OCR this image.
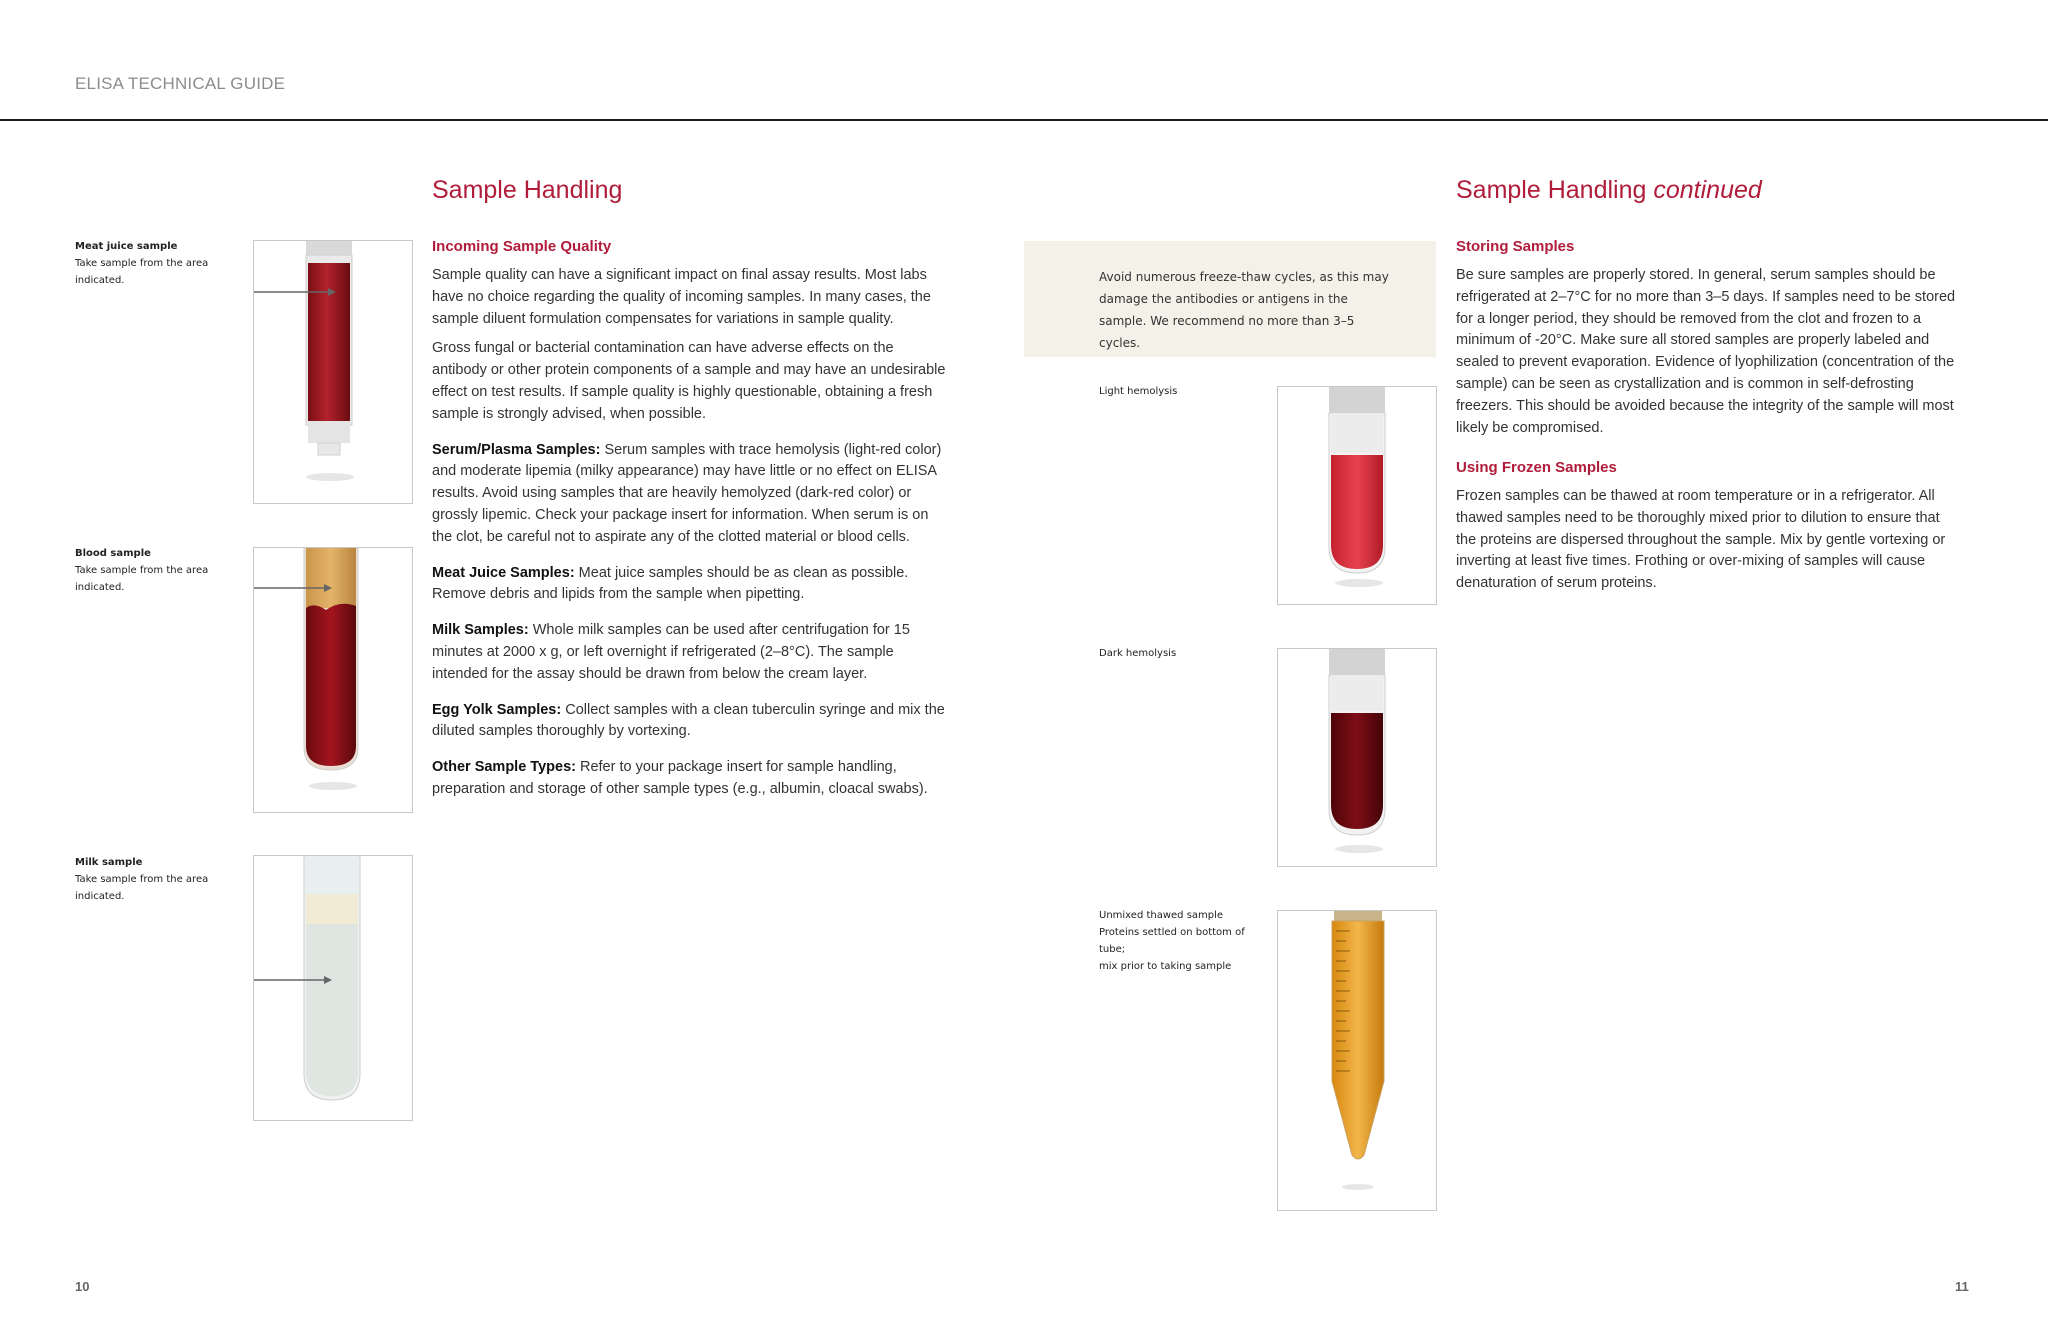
ELISA TECHNICAL GUIDE
Sample Handling
Meat juice sample
Take sample from the area indicated.
Blood sample
Take sample from the area indicated.
Milk sample
Take sample from the area indicated.
Incoming Sample Quality

Sample quality can have a significant impact on final assay results. Most labs have no choice regarding the quality of incoming samples. In many cases, the sample diluent formulation compensates for variations in sample quality.

Gross fungal or bacterial contamination can have adverse effects on the antibody or other protein components of a sample and may have an undesirable effect on test results. If sample quality is highly questionable, obtaining a fresh sample is strongly advised, when possible.

Serum/Plasma Samples: Serum samples with trace hemolysis (light-red color) and moderate lipemia (milky appearance) may have little or no effect on ELISA results. Avoid using samples that are heavily hemolyzed (dark-red color) or grossly lipemic. Check your package insert for information. When serum is on the clot, be careful not to aspirate any of the clotted material or blood cells.

Meat Juice Samples: Meat juice samples should be as clean as possible. Remove debris and lipids from the sample when pipetting.

Milk Samples: Whole milk samples can be used after centrifugation for 15 minutes at 2000 x g, or left overnight if refrigerated (2–8°C). The sample intended for the assay should be drawn from below the cream layer.

Egg Yolk Samples: Collect samples with a clean tuberculin syringe and mix the diluted samples thoroughly by vortexing.

Other Sample Types: Refer to your package insert for sample handling, preparation and storage of other sample types (e.g., albumin, cloacal swabs).

10
Avoid numerous freeze-thaw cycles, as this may damage the antibodies or antigens in the sample. We recommend no more than 3–5 cycles.
Light hemolysis
Dark hemolysis
Unmixed thawed sample
Proteins settled on bottom of tube;
mix prior to taking sample
Sample Handling continued
Storing Samples
Be sure samples are properly stored. In general, serum samples should be refrigerated at 2–7°C for no more than 3–5 days. If samples need to be stored for a longer period, they should be removed from the clot and frozen to a minimum of -20°C. Make sure all stored samples are properly labeled and sealed to prevent evaporation. Evidence of lyophilization (concentration of the sample) can be seen as crystallization and is common in self-defrosting freezers. This should be avoided because the integrity of the sample will most likely be compromised.
Using Frozen Samples
Frozen samples can be thawed at room temperature or in a refrigerator. All thawed samples need to be thoroughly mixed prior to dilution to ensure that the proteins are dispersed throughout the sample. Mix by gentle vortexing or inverting at least five times. Frothing or over-mixing of samples will cause denaturation of serum proteins.
11
